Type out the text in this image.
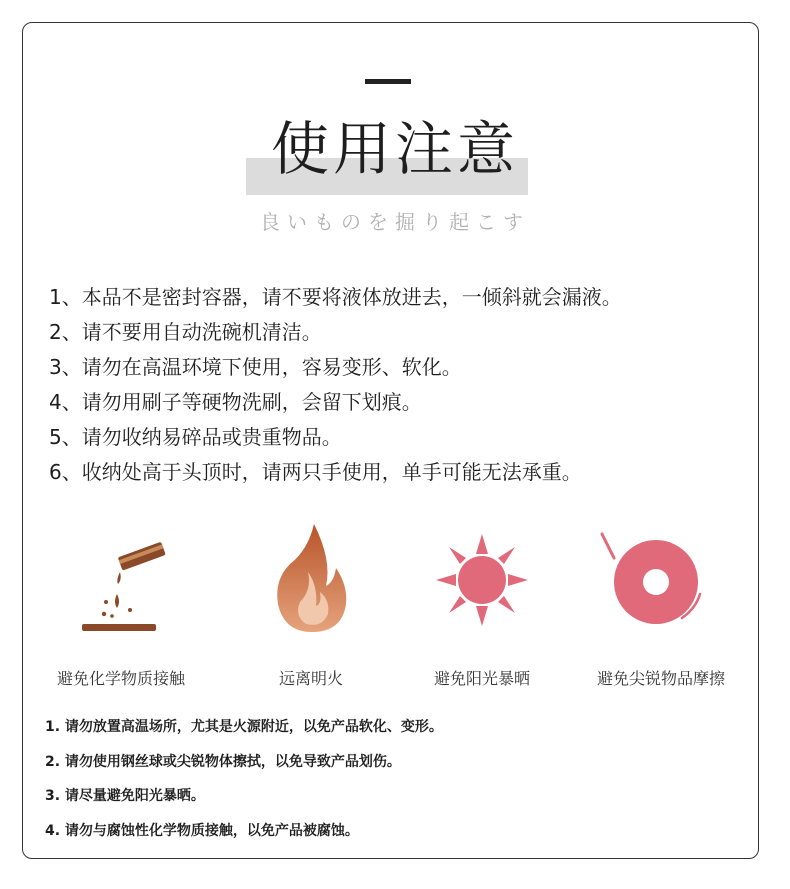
使用注意
良いものを掘り起こす
1、本品不是密封容器，请不要将液体放进去，一倾斜就会漏液。
2、请不要用自动洗碗机清洁。
3、请勿在高温环境下使用，容易变形、软化。
4、请勿用刷子等硬物洗刷，会留下划痕。
5、请勿收纳易碎品或贵重物品。
6、收纳处高于头顶时，请两只手使用，单手可能无法承重。
避免化学物质接触	远离明火	避免阳光暴晒	避免尖锐物品摩擦
1. 请勿放置高温场所，尤其是火源附近，以免产品软化、变形。
2. 请勿使用钢丝球或尖锐物体擦拭，以免导致产品划伤。
3. 请尽量避免阳光暴晒。
4. 请勿与腐蚀性化学物质接触，以免产品被腐蚀。
